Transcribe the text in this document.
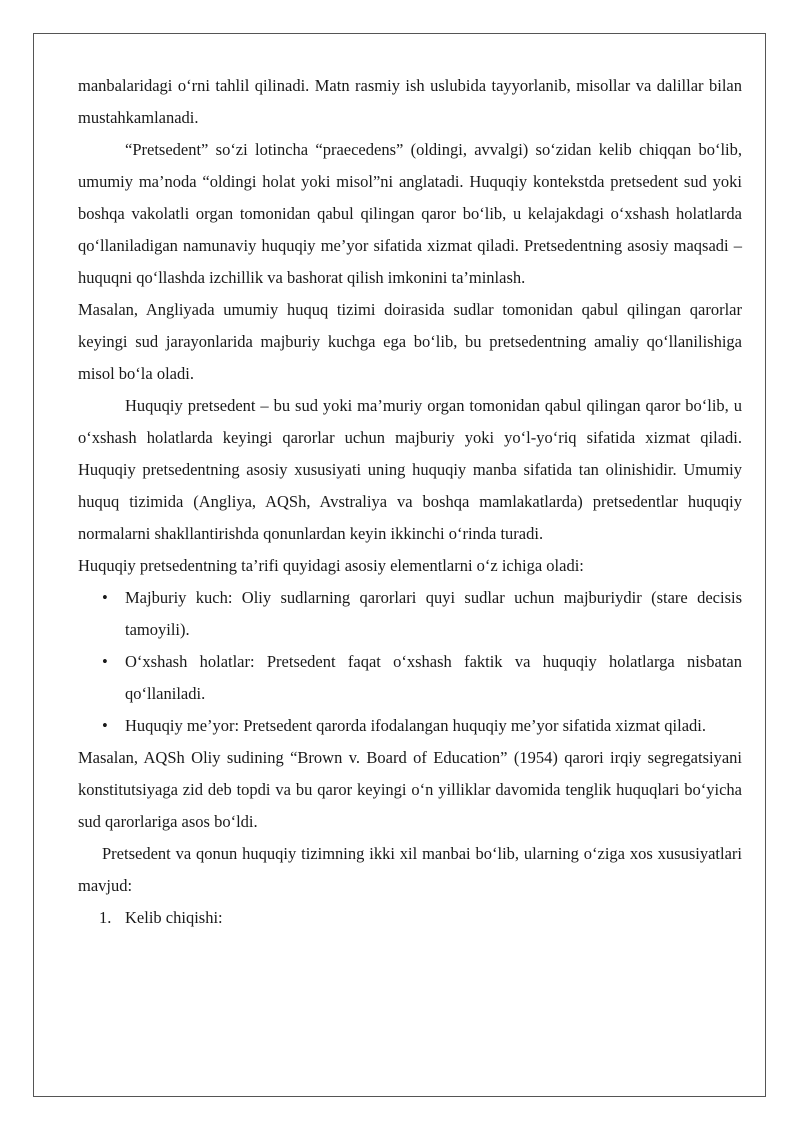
manbalaridagi o‘rni tahlil qilinadi. Matn rasmiy ish uslubida tayyorlanib, misollar va dalillar bilan mustahkamlanadi.

“Pretsedent” so‘zi lotincha “praecedens” (oldingi, avvalgi) so‘zidan kelib chiqqan bo‘lib, umumiy ma’noda “oldingi holat yoki misol”ni anglatadi. Huquqiy kontekstda pretsedent sud yoki boshqa vakolatli organ tomonidan qabul qilingan qaror bo‘lib, u kelajakdagi o‘xshash holatlarda qo‘llaniladigan namunaviy huquqiy me’yor sifatida xizmat qiladi. Pretsedentning asosiy maqsadi – huquqni qo‘llashda izchillik va bashorat qilish imkonini ta’minlash.

Masalan, Angliyada umumiy huquq tizimi doirasida sudlar tomonidan qabul qilingan qarorlar keyingi sud jarayonlarida majburiy kuchga ega bo‘lib, bu pretsedentning amaliy qo‘llanilishiga misol bo‘la oladi.

Huquqiy pretsedent – bu sud yoki ma’muriy organ tomonidan qabul qilingan qaror bo‘lib, u o‘xshash holatlarda keyingi qarorlar uchun majburiy yoki yo‘l-yo‘riq sifatida xizmat qiladi. Huquqiy pretsedentning asosiy xususiyati uning huquqiy manba sifatida tan olinishidir. Umumiy huquq tizimida (Angliya, AQSh, Avstraliya va boshqa mamlakatlarda) pretsedentlar huquqiy normalarni shakllantirishda qonunlardan keyin ikkinchi o‘rinda turadi.

Huquqiy pretsedentning ta’rifi quyidagi asosiy elementlarni o‘z ichiga oladi:

• Majburiy kuch: Oliy sudlarning qarorlari quyi sudlar uchun majburiydir (stare decisis tamoyili).
• O‘xshash holatlar: Pretsedent faqat o‘xshash faktik va huquqiy holatlarga nisbatan qo‘llaniladi.
• Huquqiy me’yor: Pretsedent qarorda ifodalangan huquqiy me’yor sifatida xizmat qiladi.

Masalan, AQSh Oliy sudining “Brown v. Board of Education” (1954) qarori irqiy segregatsiyani konstitutsiyaga zid deb topdi va bu qaror keyingi o‘n yilliklar davomida tenglik huquqlari bo‘yicha sud qarorlariga asos bo‘ldi.

Pretsedent va qonun huquqiy tizimning ikki xil manbai bo‘lib, ularning o‘ziga xos xususiyatlari mavjud:

1. Kelib chiqishi:
